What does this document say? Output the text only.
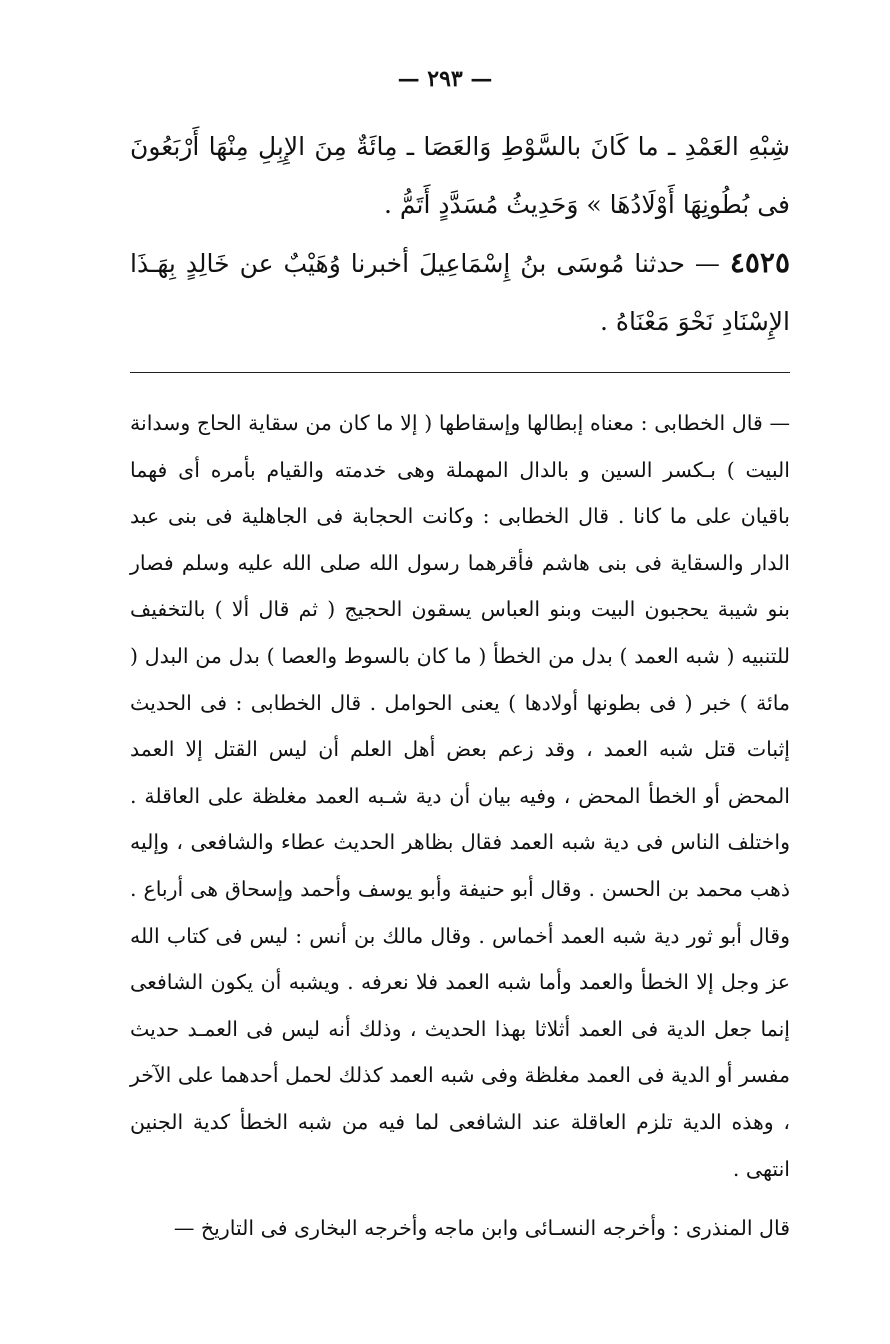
— ٢٩٣ —

شِبْهِ العَمْدِ ـ ما كَانَ بالسَّوْطِ وَالعَصَا ـ مِائَةٌ مِنَ الإِبِلِ مِنْهَا أَرْبَعُونَ فى بُطُونِهَا أَوْلَادُهَا » وَحَدِيثُ مُسَدَّدٍ أَتَمُّ .

٤٥٢٥ — حدثنا مُوسَى بنُ إِسْمَاعِيلَ أخبرنا وُهَيْبٌ عن خَالِدٍ بِهَـذَا الإِسْنَادِ نَحْوَ مَعْنَاهُ .

— قال الخطابى : معناه إبطالها وإسقاطها ( إلا ما كان من سقاية الحاج وسدانة البيت ) بـكسر السين و بالدال المهملة وهى خدمته والقيام بأمره أى فهما باقيان على ما كانا . قال الخطابى : وكانت الحجابة فى الجاهلية فى بنى عبد الدار والسقاية فى بنى هاشم فأقرهما رسول الله صلى الله عليه وسلم فصار بنو شيبة يحجبون البيت وبنو العباس يسقون الحجيج ( ثم قال ألا ) بالتخفيف للتنبيه ( شبه العمد ) بدل من الخطأ ( ما كان بالسوط والعصا ) بدل من البدل ( مائة ) خبر ( فى بطونها أولادها ) يعنى الحوامل . قال الخطابى : فى الحديث إثبات قتل شبه العمد ، وقد زعم بعض أهل العلم أن ليس القتل إلا العمد المحض أو الخطأ المحض ، وفيه بيان أن دية شـبه العمد مغلظة على العاقلة . واختلف الناس فى دية شبه العمد فقال بظاهر الحديث عطاء والشافعى ، وإليه ذهب محمد بن الحسن . وقال أبو حنيفة وأبو يوسف وأحمد وإسحاق هى أرباع . وقال أبو ثور دية شبه العمد أخماس . وقال مالك بن أنس : ليس فى كتاب الله عز وجل إلا الخطأ والعمد وأما شبه العمد فلا نعرفه . ويشبه أن يكون الشافعى إنما جعل الدية فى العمد أثلاثا بهذا الحديث ، وذلك أنه ليس فى العمـد حديث مفسر أو الدية فى العمد مغلظة وفى شبه العمد كذلك لحمل أحدهما على الآخر ، وهذه الدية تلزم العاقلة عند الشافعى لما فيه من شبه الخطأ كدية الجنين انتهى .

قال المنذرى : وأخرجه النسـائى وابن ماجه وأخرجه البخارى فى التاريخ —
